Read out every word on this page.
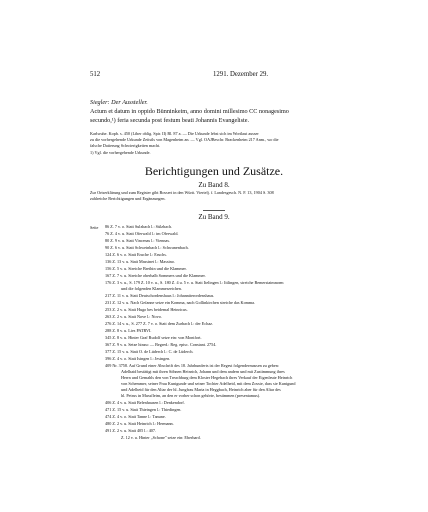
512	1291. Dezember 29.
Siegler: Der Aussteller.
Actum et datum in oppido Bünninkeim, anno domini millesimo CC nonagesimo
secundo,¹) feria secunda post festum beati Johannis Evangeliste.
Karlsruhe. Kopb. s. 450 (Liber oblig. Spir. II) Bl. 87 a. — Die Urkunde lebst sich im Wortlaut ausser
zu die vorhergehende Urkunde Zeitstls von Magenheim an. — Vgl. OAJBeschr. Brackenheim 217 Anm., wo die
falsche Datierung Schwierigkeiten macht.
1) Vgl. die vorhergehende Urkunde.
Berichtigungen und Zusätze.
Zu Band 8.
Zur Ortserklärung und zum Register gibt Bossert in den Württ. Viertelj. f. Landesgesch. N. F. 13, 1904 S. 308
zahlreiche Berichtigungen und Ergänzungen.
Zu Band 9.
Seite 86 Z. 7 v. o. Statt Sulzbach l.: Sülzbach.
76 Z. 4 v. u. Statt Oferwald l.: im Oferwald.
80 Z. 9 v. u. Statt Vincenas l.: Viennas.
90 Z. 6 v. u. Statt Schweinbach l.: Schwanenbach.
124 Z. 6 v. o. Statt Eruche l.: Eruchs.
136 Z. 13 v. u. Statt Massinet l.: Massino.
156 Z. 5 v. u. Streiche Brethin und die Klammer.
167 Z. 7 v. u. Streiche oberhalb Sommers und die Klammer.
176 Z. 3 v. u., S. 179 Z. 10 v. u., S. 180 Z. 4 u. 5 v. u. Statt Itelingen l.: Ittlingen, streiche Bemerstaimnorm
und die folgenden Klammerzeichen.
217 Z. 11 v. u. Statt Deutschordenshaus l.: Johanniterordenshaus.
231 Z. 12 v. u. Nach Gefanne setze ein Komma, nach Gollinkirchen streiche das Komma.
253 Z. 2 v. u. Statt Hugo bes beidemal Heinricus.
263 Z. 2 v. u. Statt Nove l.: Novo.
276 Z. 14 v. u., S. 277 Z. 7 v. o. Statt dem Zurbach l.: der Echaz.
288 Z. 8 v. u. Lies PATRVI.
345 Z. 8 v. u. Hinter Graf Rudolf setze ein: von Montfort.
367 Z. 9 v. u. Setze hinzu: — Begred.: Reg. episc. Constant. 2754.
377 Z. 15 v. u. Statt O. de Lüderch l.: C. de Lüderch.
396 Z. 4 v. o. Statt Isingen l.: Jesingen.
409 Nr. 3758. Auf Grund einer Abschrift des 18. Jahrhunderts ist der Regest folgendermassen zu geben:
Adelhaid bestätigt mit ihren Söhnen Heinrich, Johann und dem andern und mit Zustimmung ihres
Herrn und Gemahls den von Treachburg dem Kloster Hegebach ihres Verkauf der Eigenleute Heinrich
von Schemmer, seiner Frau Kunigunde und seiner Tochter Adelheid, mit dem Zosste, dass sie Kunigund
und Adelheid für den Altar der hl. Jungfrau Maria in Heggbach, Heinrich aber für den Altar des
hl. Petrus in Mussfleim, an den er vorher schon gehörte, bestimmen (presentamus).
406 Z. 4 v. u. Statt Belenhausen l.: Denkendorf.
471 Z. 15 v. u. Statt Thieingen l.: Thiedingen.
474 Z. 4 v. o. Statt Tanne l.: Tanune.
480 Z. 2 v. u. Statt Heinrich l.: Hermann.
491 Z. 2 v. u. Statt 405 l.: 407.
Z. 12 v. u. Hinter „Schone" setze ein: Eberhard.
